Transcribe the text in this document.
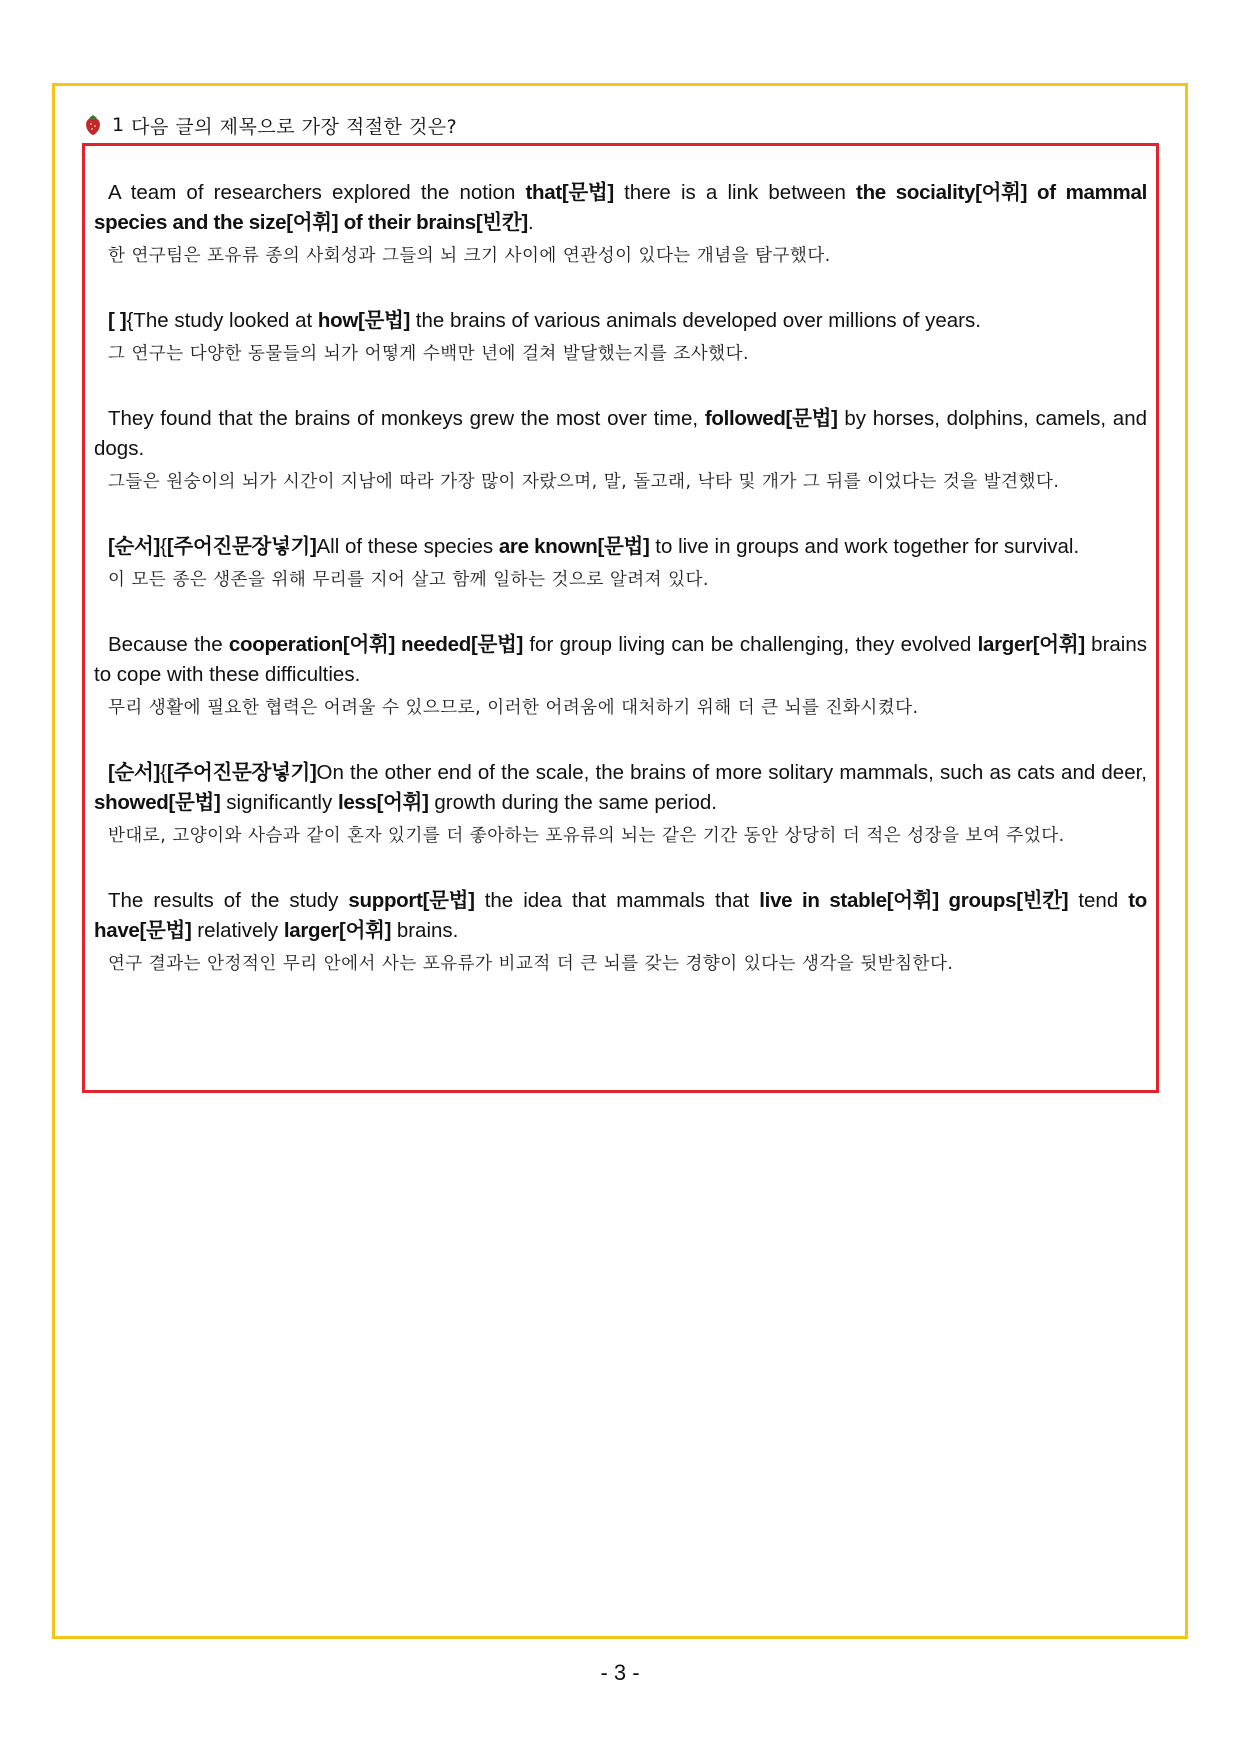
1
다음 글의 제목으로 가장 적절한 것은?

A team of researchers explored the notion that[문법] there is a link between the sociality[어휘] of mammal species and the size[어휘] of their brains[빈칸].

한 연구팀은 포유류 종의 사회성과 그들의 뇌 크기 사이에 연관성이 있다는 개념을 탐구했다.

[ ]{The study looked at how[문법] the brains of various animals developed over millions of years.

그 연구는 다양한 동물들의 뇌가 어떻게 수백만 년에 걸쳐 발달했는지를 조사했다.

They found that the brains of monkeys grew the most over time, followed[문법] by horses, dolphins, camels, and dogs.

그들은 원숭이의 뇌가 시간이 지남에 따라 가장 많이 자랐으며, 말, 돌고래, 낙타 및 개가 그 뒤를 이었다는 것을 발견했다.

[순서]{[주어진문장넣기]All of these species are known[문법] to live in groups and work together for survival.

이 모든 종은 생존을 위해 무리를 지어 살고 함께 일하는 것으로 알려져 있다.

Because the cooperation[어휘] needed[문법] for group living can be challenging, they evolved larger[어휘] brains to cope with these difficulties.

무리 생활에 필요한 협력은 어려울 수 있으므로, 이러한 어려움에 대처하기 위해 더 큰 뇌를 진화시켰다.

[순서]{[주어진문장넣기]On the other end of the scale, the brains of more solitary mammals, such as cats and deer, showed[문법] significantly less[어휘] growth during the same period.

반대로, 고양이와 사슴과 같이 혼자 있기를 더 좋아하는 포유류의 뇌는 같은 기간 동안 상당히 더 적은 성장을 보여 주었다.

The results of the study support[문법] the idea that mammals that live in stable[어휘] groups[빈칸] tend to have[문법] relatively larger[어휘] brains.

연구 결과는 안정적인 무리 안에서 사는 포유류가 비교적 더 큰 뇌를 갖는 경향이 있다는 생각을 뒷받침한다.

- 3 -
